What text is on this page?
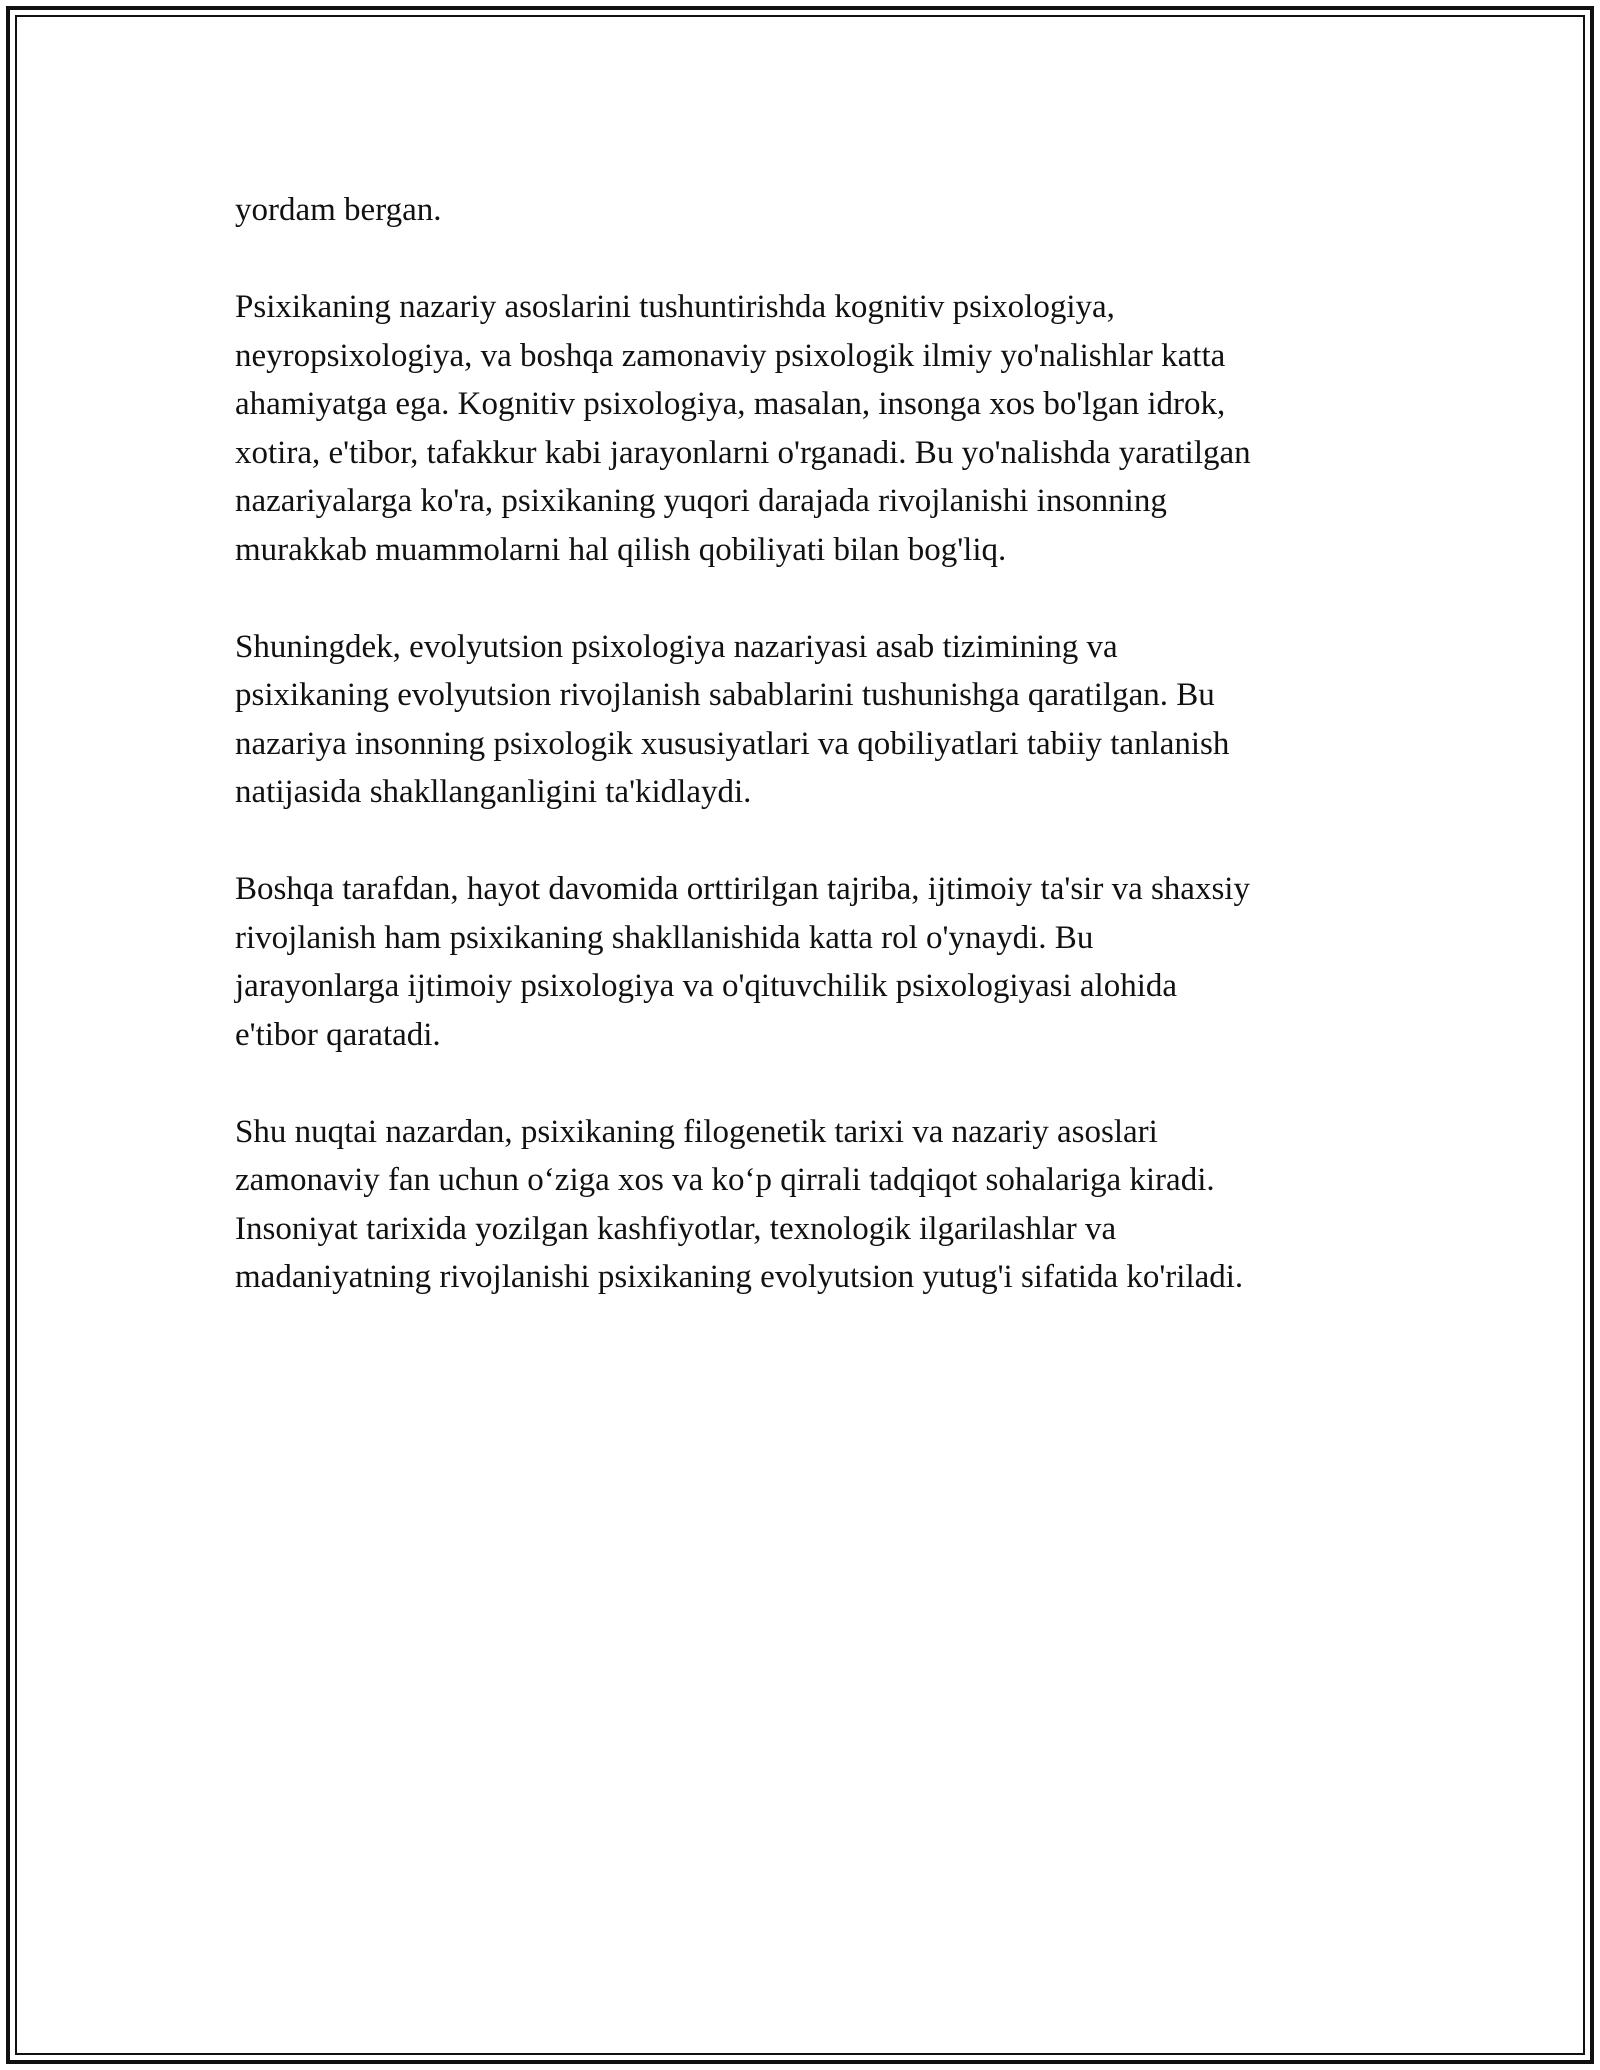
yordam bergan.

Psixikaning nazariy asoslarini tushuntirishda kognitiv psixologiya,
neyropsixologiya, va boshqa zamonaviy psixologik ilmiy yo'nalishlar katta
ahamiyatga ega. Kognitiv psixologiya, masalan, insonga xos bo'lgan idrok,
xotira, e'tibor, tafakkur kabi jarayonlarni o'rganadi. Bu yo'nalishda yaratilgan
nazariyalarga ko'ra, psixikaning yuqori darajada rivojlanishi insonning
murakkab muammolarni hal qilish qobiliyati bilan bog'liq.

Shuningdek, evolyutsion psixologiya nazariyasi asab tizimining va
psixikaning evolyutsion rivojlanish sabablarini tushunishga qaratilgan. Bu
nazariya insonning psixologik xususiyatlari va qobiliyatlari tabiiy tanlanish
natijasida shakllanganligini ta'kidlaydi.

Boshqa tarafdan, hayot davomida orttirilgan tajriba, ijtimoiy ta'sir va shaxsiy
rivojlanish ham psixikaning shakllanishida katta rol o'ynaydi. Bu
jarayonlarga ijtimoiy psixologiya va o'qituvchilik psixologiyasi alohida
e'tibor qaratadi.

Shu nuqtai nazardan, psixikaning filogenetik tarixi va nazariy asoslari
zamonaviy fan uchun o‘ziga xos va ko‘p qirrali tadqiqot sohalariga kiradi.
Insoniyat tarixida yozilgan kashfiyotlar, texnologik ilgarilashlar va
madaniyatning rivojlanishi psixikaning evolyutsion yutug'i sifatida ko'riladi.
